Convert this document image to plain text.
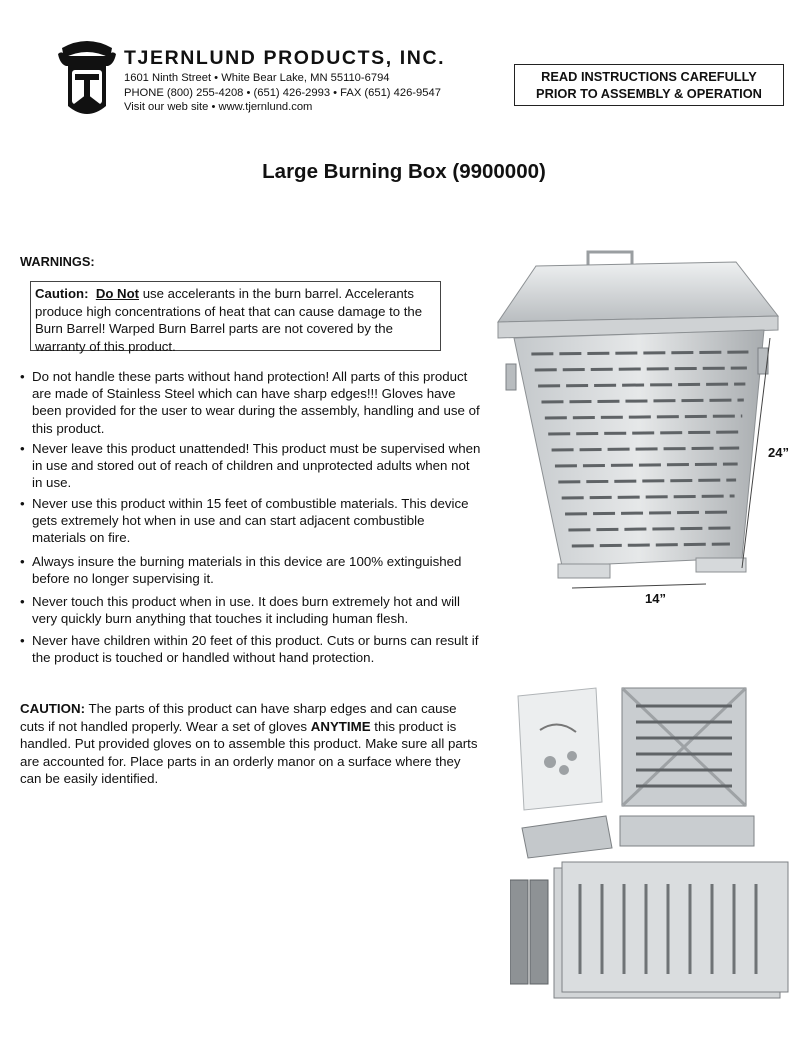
TJERNLUND PRODUCTS, INC.
1601 Ninth Street • White Bear Lake, MN 55110-6794
PHONE (800) 255-4208 • (651) 426-2993 • FAX (651) 426-9547
Visit our web site • www.tjernlund.com
READ INSTRUCTIONS CAREFULLY
PRIOR TO ASSEMBLY & OPERATION
Large Burning Box (9900000)
WARNINGS:
Caution: Do Not use accelerants in the burn barrel. Accelerants produce high concentrations of heat that can cause damage to the Burn Barrel! Warped Burn Barrel parts are not covered by the warranty of this product.
• Do not handle these parts without hand protection! All parts of this product are made of Stainless Steel which can have sharp edges!!! Gloves have been provided for the user to wear during the assembly, handling and use of this product.
• Never leave this product unattended! This product must be supervised when in use and stored out of reach of children and unprotected adults when not in use.
• Never use this product within 15 feet of combustible materials. This device gets extremely hot when in use and can start adjacent combustible materials on fire.
• Always insure the burning materials in this device are 100% extinguished before no longer supervising it.
• Never touch this product when in use. It does burn extremely hot and will very quickly burn anything that touches it including human flesh.
• Never have children within 20 feet of this product. Cuts or burns can result if the product is touched or handled without hand protection.
CAUTION: The parts of this product can have sharp edges and can cause cuts if not handled properly. Wear a set of gloves ANYTIME this product is handled. Put provided gloves on to assemble this product. Make sure all parts are accounted for. Place parts in an orderly manor on a surface where they can be easily identified.
24”
14”
